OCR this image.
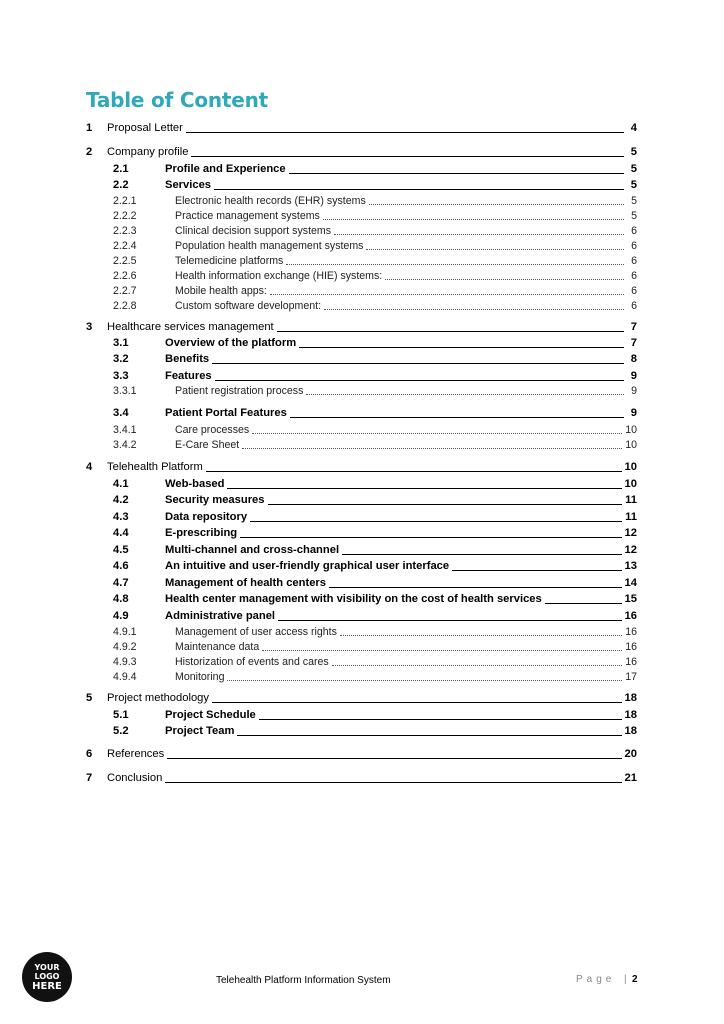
Table of Content
1 Proposal Letter	4
2 Company profile	5
2.1	Profile and Experience	5
2.2	Services	5
2.2.1	Electronic health records (EHR) systems	5
2.2.2	Practice management systems	5
2.2.3	Clinical decision support systems	6
2.2.4	Population health management systems	6
2.2.5	Telemedicine platforms	6
2.2.6	Health information exchange (HIE) systems:	6
2.2.7	Mobile health apps:	6
2.2.8	Custom software development:	6
3 Healthcare services management	7
3.1	Overview of the platform	7
3.2	Benefits	8
3.3	Features	9
3.3.1	Patient registration process	9
3.4	Patient Portal Features	9
3.4.1	Care processes	10
3.4.2	E-Care Sheet	10
4 Telehealth Platform	10
4.1	Web-based	10
4.2	Security measures	11
4.3	Data repository	11
4.4	E-prescribing	12
4.5	Multi-channel and cross-channel	12
4.6	An intuitive and user-friendly graphical user interface	13
4.7	Management of health centers	14
4.8	Health center management with visibility on the cost of health services	15
4.9	Administrative panel	16
4.9.1	Management of user access rights	16
4.9.2	Maintenance data	16
4.9.3	Historization of events and cares	16
4.9.4	Monitoring	17
5 Project methodology	18
5.1	Project Schedule	18
5.2	Project Team	18
6 References	20
7 Conclusion	21
YOUR
LOGO
HERE	Telehealth Platform Information System	Page | 2
